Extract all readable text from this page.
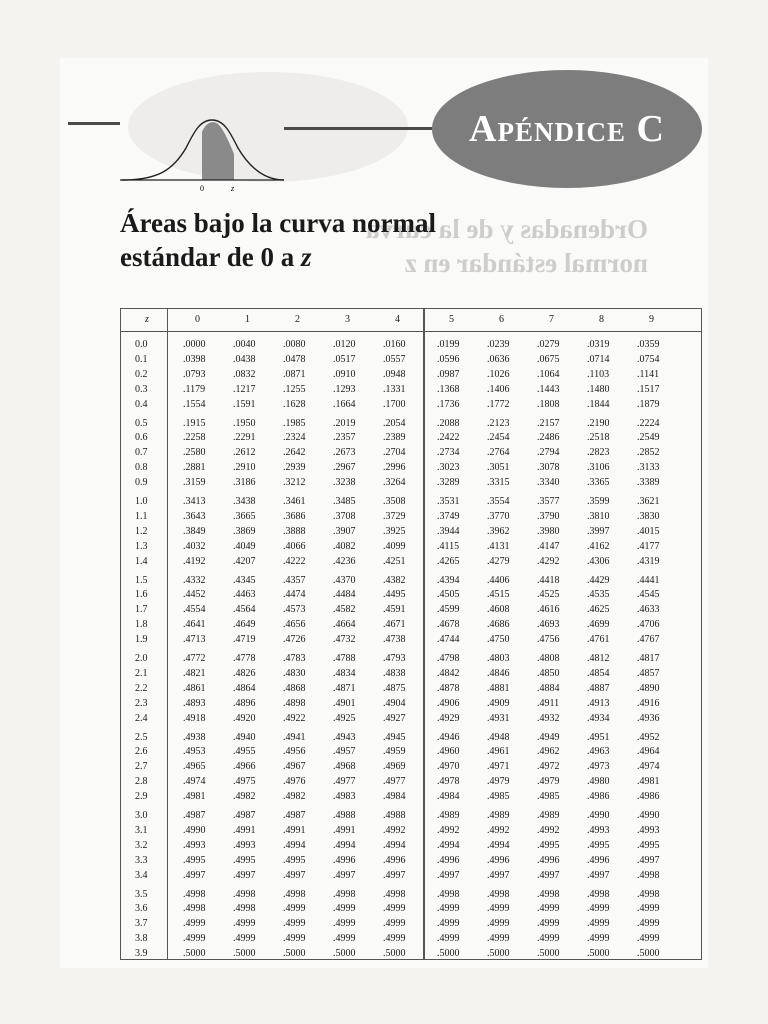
0	z
Apéndice C
Ordenadas y de la curva
normal estándar en z
Áreas bajo la curva normal
estándar de 0 a z
z	0	1	2	3	4	5	6	7	8	9
0.0	.0000	.0040	.0080	.0120	.0160	.0199	.0239	.0279	.0319	.0359
0.1	.0398	.0438	.0478	.0517	.0557	.0596	.0636	.0675	.0714	.0754
0.2	.0793	.0832	.0871	.0910	.0948	.0987	.1026	.1064	.1103	.1141
0.3	.1179	.1217	.1255	.1293	.1331	.1368	.1406	.1443	.1480	.1517
0.4	.1554	.1591	.1628	.1664	.1700	.1736	.1772	.1808	.1844	.1879
0.5	.1915	.1950	.1985	.2019	.2054	.2088	.2123	.2157	.2190	.2224
0.6	.2258	.2291	.2324	.2357	.2389	.2422	.2454	.2486	.2518	.2549
0.7	.2580	.2612	.2642	.2673	.2704	.2734	.2764	.2794	.2823	.2852
0.8	.2881	.2910	.2939	.2967	.2996	.3023	.3051	.3078	.3106	.3133
0.9	.3159	.3186	.3212	.3238	.3264	.3289	.3315	.3340	.3365	.3389
1.0	.3413	.3438	.3461	.3485	.3508	.3531	.3554	.3577	.3599	.3621
1.1	.3643	.3665	.3686	.3708	.3729	.3749	.3770	.3790	.3810	.3830
1.2	.3849	.3869	.3888	.3907	.3925	.3944	.3962	.3980	.3997	.4015
1.3	.4032	.4049	.4066	.4082	.4099	.4115	.4131	.4147	.4162	.4177
1.4	.4192	.4207	.4222	.4236	.4251	.4265	.4279	.4292	.4306	.4319
1.5	.4332	.4345	.4357	.4370	.4382	.4394	.4406	.4418	.4429	.4441
1.6	.4452	.4463	.4474	.4484	.4495	.4505	.4515	.4525	.4535	.4545
1.7	.4554	.4564	.4573	.4582	.4591	.4599	.4608	.4616	.4625	.4633
1.8	.4641	.4649	.4656	.4664	.4671	.4678	.4686	.4693	.4699	.4706
1.9	.4713	.4719	.4726	.4732	.4738	.4744	.4750	.4756	.4761	.4767
2.0	.4772	.4778	.4783	.4788	.4793	.4798	.4803	.4808	.4812	.4817
2.1	.4821	.4826	.4830	.4834	.4838	.4842	.4846	.4850	.4854	.4857
2.2	.4861	.4864	.4868	.4871	.4875	.4878	.4881	.4884	.4887	.4890
2.3	.4893	.4896	.4898	.4901	.4904	.4906	.4909	.4911	.4913	.4916
2.4	.4918	.4920	.4922	.4925	.4927	.4929	.4931	.4932	.4934	.4936
2.5	.4938	.4940	.4941	.4943	.4945	.4946	.4948	.4949	.4951	.4952
2.6	.4953	.4955	.4956	.4957	.4959	.4960	.4961	.4962	.4963	.4964
2.7	.4965	.4966	.4967	.4968	.4969	.4970	.4971	.4972	.4973	.4974
2.8	.4974	.4975	.4976	.4977	.4977	.4978	.4979	.4979	.4980	.4981
2.9	.4981	.4982	.4982	.4983	.4984	.4984	.4985	.4985	.4986	.4986
3.0	.4987	.4987	.4987	.4988	.4988	.4989	.4989	.4989	.4990	.4990
3.1	.4990	.4991	.4991	.4991	.4992	.4992	.4992	.4992	.4993	.4993
3.2	.4993	.4993	.4994	.4994	.4994	.4994	.4994	.4995	.4995	.4995
3.3	.4995	.4995	.4995	.4996	.4996	.4996	.4996	.4996	.4996	.4997
3.4	.4997	.4997	.4997	.4997	.4997	.4997	.4997	.4997	.4997	.4998
3.5	.4998	.4998	.4998	.4998	.4998	.4998	.4998	.4998	.4998	.4998
3.6	.4998	.4998	.4999	.4999	.4999	.4999	.4999	.4999	.4999	.4999
3.7	.4999	.4999	.4999	.4999	.4999	.4999	.4999	.4999	.4999	.4999
3.8	.4999	.4999	.4999	.4999	.4999	.4999	.4999	.4999	.4999	.4999
3.9	.5000	.5000	.5000	.5000	.5000	.5000	.5000	.5000	.5000	.5000
